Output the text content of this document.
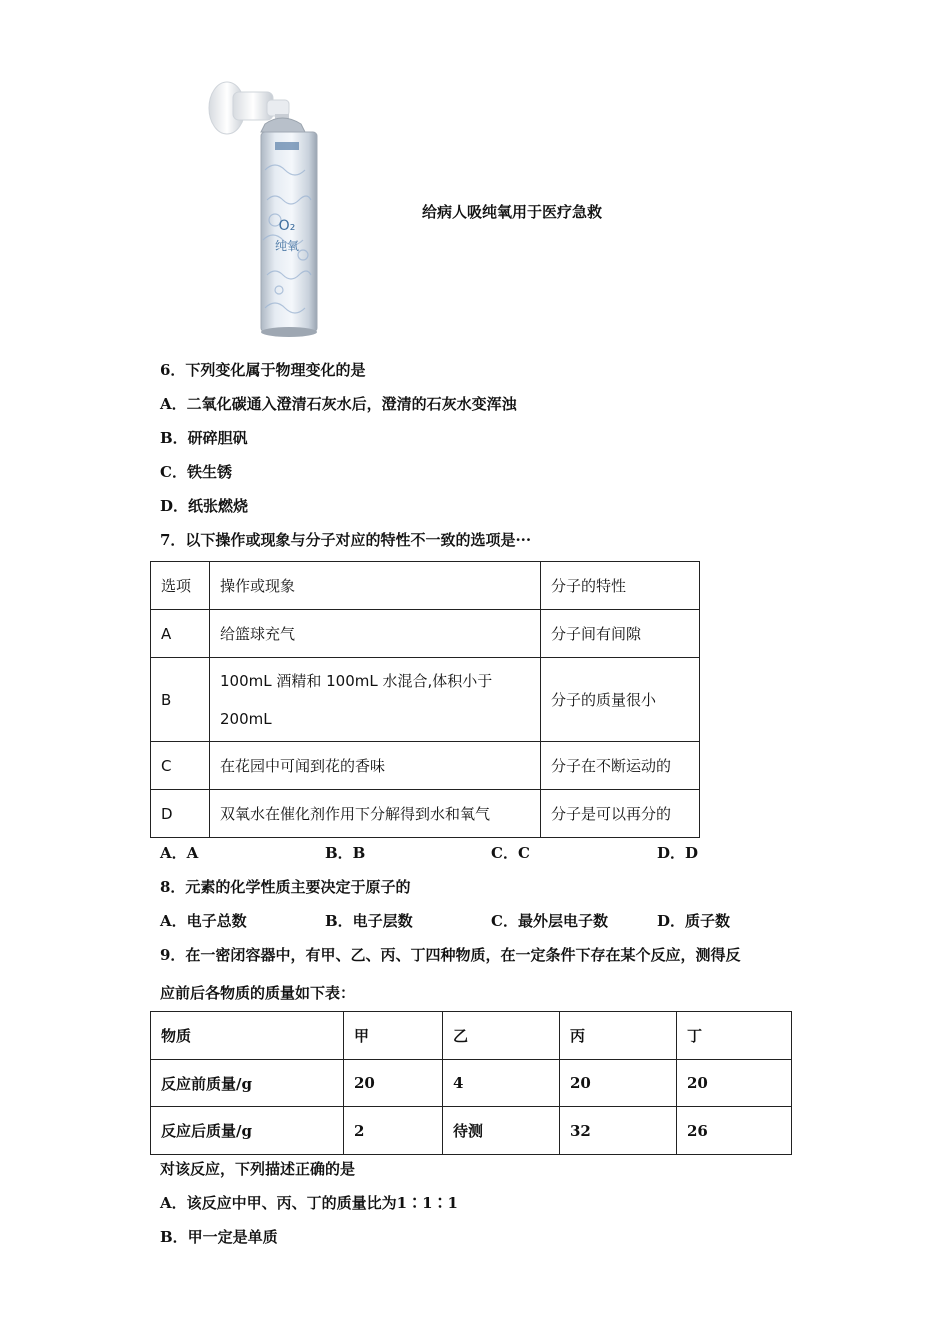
O₂
纯氧
给病人吸纯氧用于医疗急救
6．下列变化属于物理变化的是
A．二氧化碳通入澄清石灰水后，澄清的石灰水变浑浊
B．研碎胆矾
C．铁生锈
D．纸张燃烧
7．以下操作或现象与分子对应的特性不一致的选项是···
选项	操作或现象	分子的特性
A	给篮球充气	分子间有间隙
B	100mL 酒精和 100mL 水混合,体积小于
200mL	分子的质量很小
C	在花园中可闻到花的香味	分子在不断运动的
D	双氧水在催化剂作用下分解得到水和氧气	分子是可以再分的
A．A	B．B	C．C	D．D
8．元素的化学性质主要决定于原子的
A．电子总数	B．电子层数	C．最外层电子数	D．质子数
9．在一密闭容器中，有甲、乙、丙、丁四种物质，在一定条件下存在某个反应，测得反
应前后各物质的质量如下表：
物质	甲	乙	丙	丁
反应前质量/g	20	4	20	20
反应后质量/g	2	待测	32	26
对该反应，下列描述正确的是
A．该反应中甲、丙、丁的质量比为1∶1∶1
B．甲一定是单质
